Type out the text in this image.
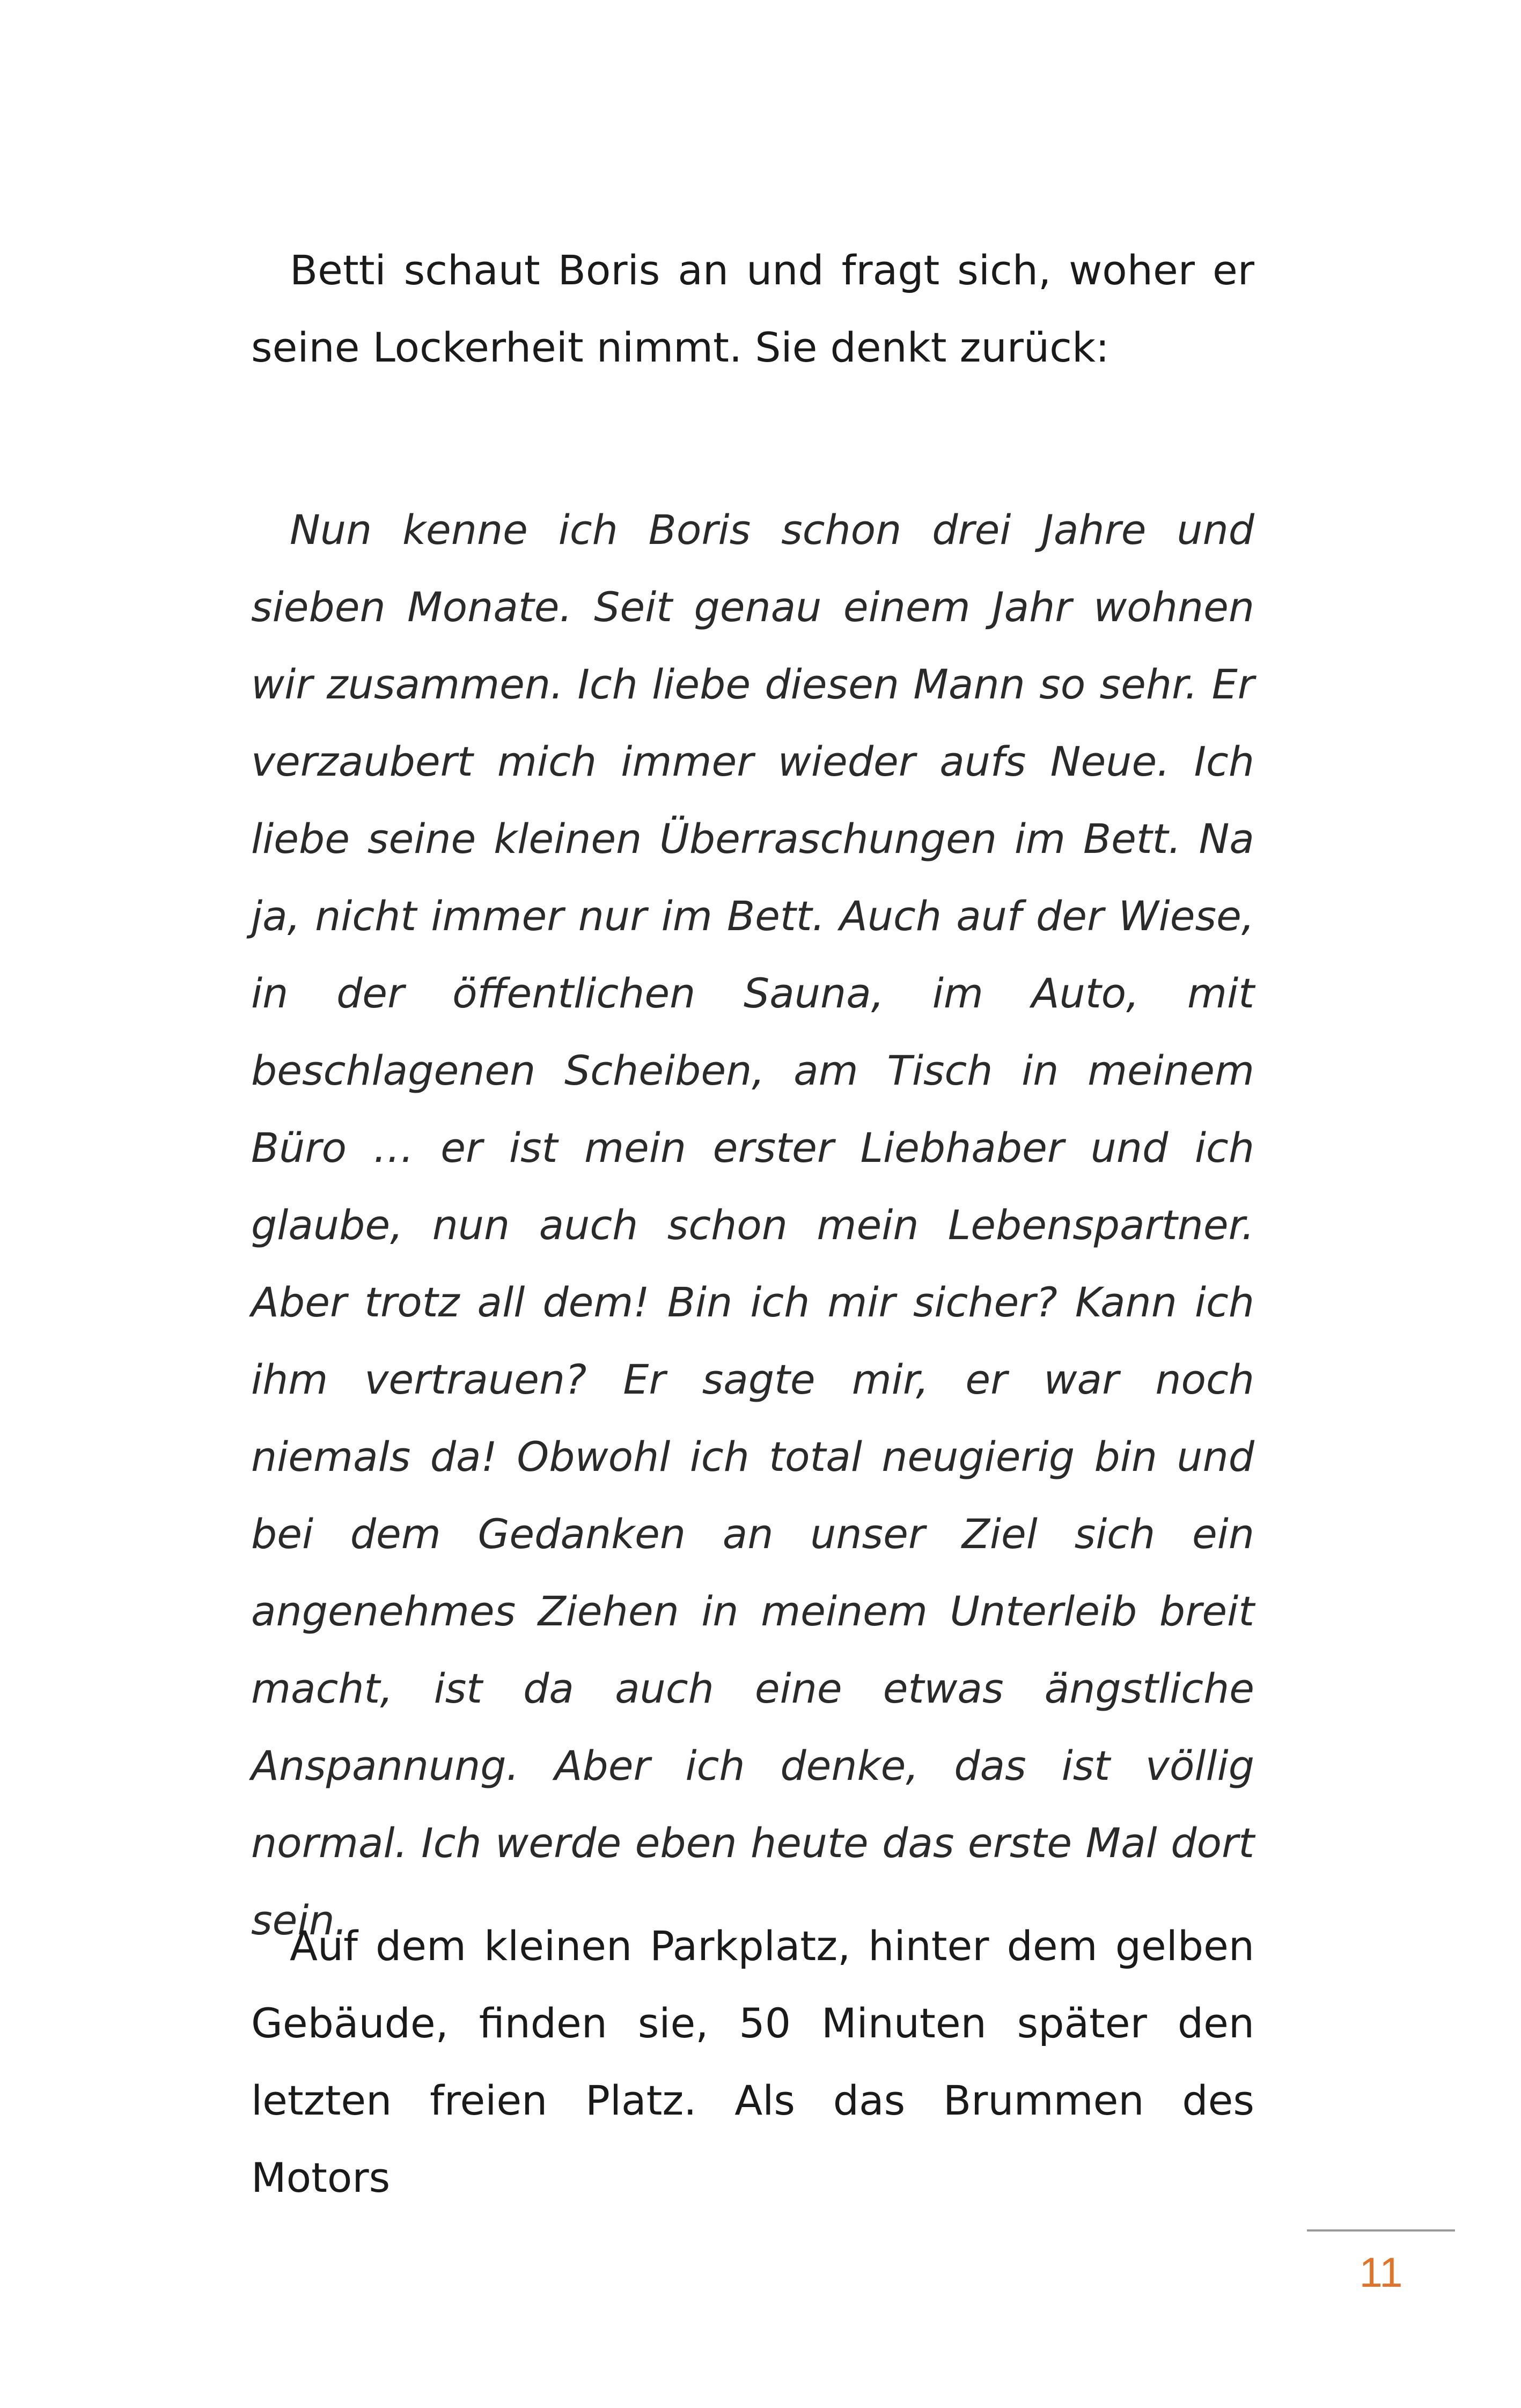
Betti schaut Boris an und fragt sich, woher er seine Lockerheit nimmt. Sie denkt zurück:

Nun kenne ich Boris schon drei Jahre und sieben Monate. Seit genau einem Jahr wohnen wir zusammen. Ich liebe diesen Mann so sehr. Er verzaubert mich immer wieder aufs Neue. Ich liebe seine kleinen Überraschungen im Bett. Na ja, nicht immer nur im Bett. Auch auf der Wiese, in der öffentlichen Sauna, im Auto, mit beschlagenen Scheiben, am Tisch in meinem Büro … er ist mein erster Liebhaber und ich glaube, nun auch schon mein Lebenspartner. Aber trotz all dem! Bin ich mir sicher? Kann ich ihm vertrauen? Er sagte mir, er war noch niemals da! Obwohl ich total neugierig bin und bei dem Gedanken an unser Ziel sich ein angenehmes Ziehen in meinem Unterleib breit macht, ist da auch eine etwas ängstliche Anspannung. Aber ich denke, das ist völlig normal. Ich werde eben heute das erste Mal dort sein.

Auf dem kleinen Parkplatz, hinter dem gelben Gebäude, finden sie, 50 Minuten später den letzten freien Platz. Als das Brummen des Motors

11
